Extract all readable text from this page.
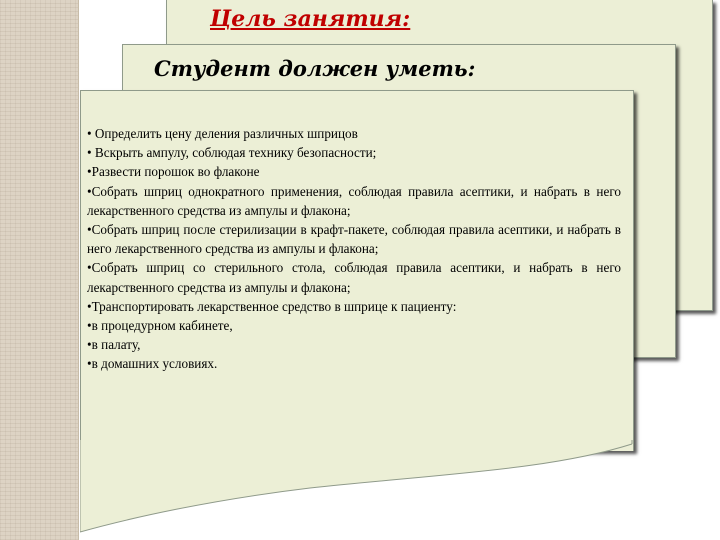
Цель занятия:
Студент должен уметь:
• Определить цену деления различных шприцов
• Вскрыть ампулу, соблюдая технику безопасности;
•Развести порошок во флаконе
•Собрать шприц однократного применения, соблюдая правила асептики, и набрать в него лекарственного средства из ампулы и флакона;
•Собрать шприц после стерилизации в крафт-пакете, соблюдая правила асептики, и набрать в него лекарственного средства из ампулы и флакона;
•Собрать шприц со стерильного стола, соблюдая правила асептики, и набрать в него лекарственного средства из ампулы и флакона;
•Транспортировать лекарственное средство в шприце к пациенту:
•в процедурном кабинете,
•в палату,
•в домашних условиях.
